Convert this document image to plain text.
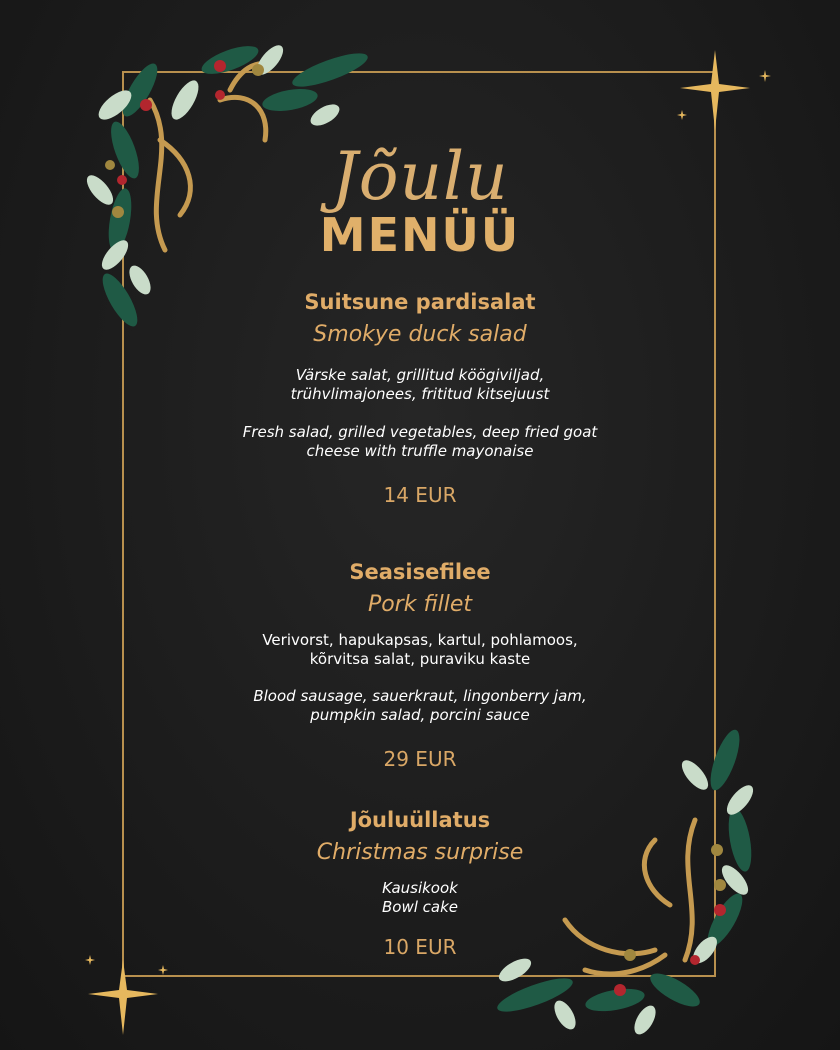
Jõulu
MENÜÜ
Suitsune pardisalat
Smokye duck salad
Värske salat, grillitud köögiviljad,
trühvlimajonees, frititud kitsejuust
Fresh salad, grilled vegetables, deep fried goat
cheese with truffle mayonaise
14 EUR
Seasisefilee
Pork fillet
Verivorst, hapukapsas, kartul, pohlamoos,
kõrvitsa salat, puraviku kaste
Blood sausage, sauerkraut, lingonberry jam,
pumpkin salad, porcini sauce
29 EUR
Jõuluüllatus
Christmas surprise
Kausikook
Bowl cake
10 EUR
